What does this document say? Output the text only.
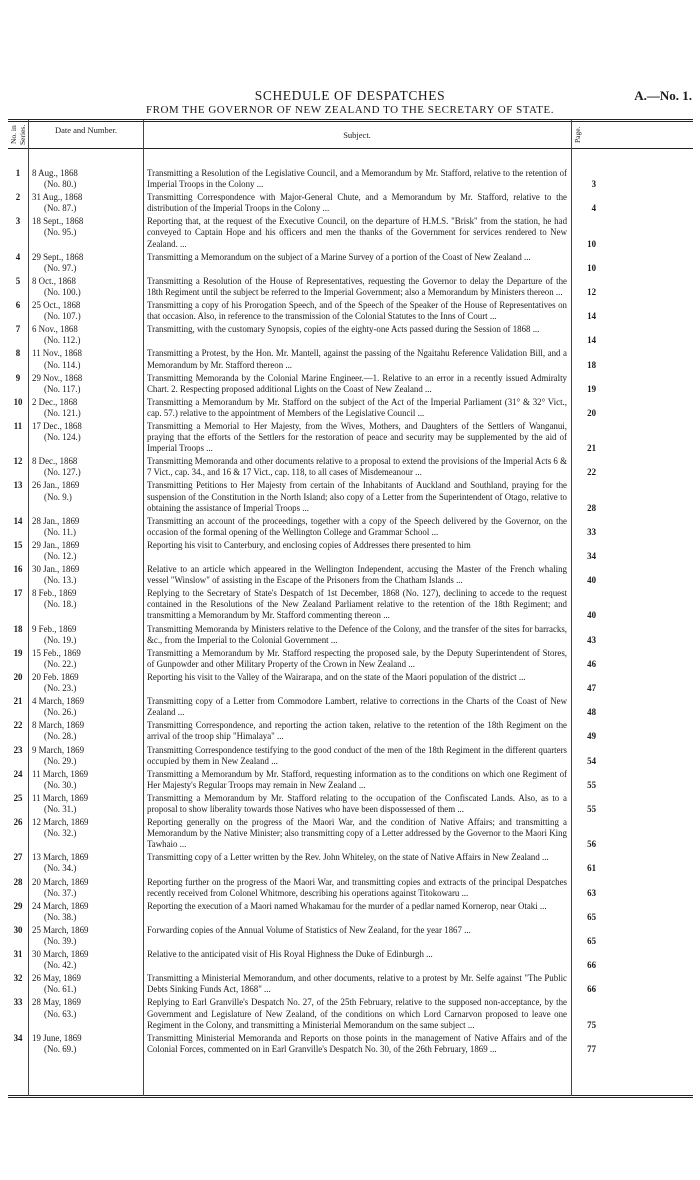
SCHEDULE OF DESPATCHES	A.—No. 1.
FROM THE GOVERNOR OF NEW ZEALAND TO THE SECRETARY OF STATE.
No. in Series.	Date and Number.	Subject.	Page.
1	8 Aug., 1868
(No. 80.)
Transmitting a Resolution of the Legislative Council, and a Memorandum by Mr. Stafford, relative to the retention of Imperial Troops in the Colony ...	3
2	31 Aug., 1868
(No. 87.)
Transmitting Correspondence with Major-General Chute, and a Memorandum by Mr. Stafford, relative to the distribution of the Imperial Troops in the Colony ...	4
3	18 Sept., 1868
(No. 95.)
Reporting that, at the request of the Executive Council, on the departure of H.M.S. "Brisk" from the station, he had conveyed to Captain Hope and his officers and men the thanks of the Government for services rendered to New Zealand. ...	10
4	29 Sept., 1868
(No. 97.)
Transmitting a Memorandum on the subject of a Marine Survey of a portion of the Coast of New Zealand ...
10
5	8 Oct., 1868
(No. 100.)
Transmitting a Resolution of the House of Representatives, requesting the Governor to delay the Departure of the 18th Regiment until the subject be referred to the Imperial Government; also a Memorandum by Ministers thereon ...	12
6	25 Oct., 1868
(No. 107.)
Transmitting a copy of his Prorogation Speech, and of the Speech of the Speaker of the House of Representatives on that occasion. Also, in reference to the transmission of the Colonial Statutes to the Inns of Court ...	14
7	6 Nov., 1868
(No. 112.)
Transmitting, with the customary Synopsis, copies of the eighty-one Acts passed during the Session of 1868 ...
14
8	11 Nov., 1868
(No. 114.)
Transmitting a Protest, by the Hon. Mr. Mantell, against the passing of the Ngaitahu Reference Validation Bill, and a Memorandum by Mr. Stafford thereon ...	18
9	29 Nov., 1868
(No. 117.)
Transmitting Memoranda by the Colonial Marine Engineer.—1. Relative to an error in a recently issued Admiralty Chart. 2. Respecting proposed additional Lights on the Coast of New Zealand ...	19
10	2 Dec., 1868
(No. 121.)
Transmitting a Memorandum by Mr. Stafford on the subject of the Act of the Imperial Parliament (31° & 32° Vict., cap. 57.) relative to the appointment of Members of the Legislative Council ...	20
11	17 Dec., 1868
(No. 124.)
Transmitting a Memorial to Her Majesty, from the Wives, Mothers, and Daughters of the Settlers of Wanganui, praying that the efforts of the Settlers for the restoration of peace and security may be supplemented by the aid of Imperial Troops ...	21
12	8 Dec., 1868
(No. 127.)
Transmitting Memoranda and other documents relative to a proposal to extend the provisions of the Imperial Acts 6 & 7 Vict., cap. 34., and 16 & 17 Vict., cap. 118, to all cases of Misdemeanour ...	22
13	26 Jan., 1869
(No. 9.)
Transmitting Petitions to Her Majesty from certain of the Inhabitants of Auckland and Southland, praying for the suspension of the Constitution in the North Island; also copy of a Letter from the Superintendent of Otago, relative to obtaining the assistance of Imperial Troops ...	28
14	28 Jan., 1869
(No. 11.)
Transmitting an account of the proceedings, together with a copy of the Speech delivered by the Governor, on the occasion of the formal opening of the Wellington College and Grammar School ...	33
15	29 Jan., 1869
(No. 12.)
Reporting his visit to Canterbury, and enclosing copies of Addresses there presented to him
34
16	30 Jan., 1869
(No. 13.)
Relative to an article which appeared in the Wellington Independent, accusing the Master of the French whaling vessel "Winslow" of assisting in the Escape of the Prisoners from the Chatham Islands ...	40
17	8 Feb., 1869
(No. 18.)
Replying to the Secretary of State's Despatch of 1st December, 1868 (No. 127), declining to accede to the request contained in the Resolutions of the New Zealand Parliament relative to the retention of the 18th Regiment; and transmitting a Memorandum by Mr. Stafford commenting thereon ...	40
18	9 Feb., 1869
(No. 19.)
Transmitting Memoranda by Ministers relative to the Defence of the Colony, and the transfer of the sites for barracks, &c., from the Imperial to the Colonial Government ...	43
19	15 Feb., 1869
(No. 22.)
Transmitting a Memorandum by Mr. Stafford respecting the proposed sale, by the Deputy Superintendent of Stores, of Gunpowder and other Military Property of the Crown in New Zealand ...	46
20	20 Feb. 1869
(No. 23.)
Reporting his visit to the Valley of the Wairarapa, and on the state of the Maori population of the district ...
47
21	4 March, 1869
(No. 26.)
Transmitting copy of a Letter from Commodore Lambert, relative to corrections in the Charts of the Coast of New Zealand ...	48
22	8 March, 1869
(No. 28.)
Transmitting Correspondence, and reporting the action taken, relative to the retention of the 18th Regiment on the arrival of the troop ship "Himalaya" ...	49
23	9 March, 1869
(No. 29.)
Transmitting Correspondence testifying to the good conduct of the men of the 18th Regiment in the different quarters occupied by them in New Zealand ...	54
24	11 March, 1869
(No. 30.)
Transmitting a Memorandum by Mr. Stafford, requesting information as to the conditions on which one Regiment of Her Majesty's Regular Troops may remain in New Zealand ...	55
25	11 March, 1869
(No. 31.)
Transmitting a Memorandum by Mr. Stafford relating to the occupation of the Confiscated Lands. Also, as to a proposal to show liberality towards those Natives who have been dispossessed of them ...	55
26	12 March, 1869
(No. 32.)
Reporting generally on the progress of the Maori War, and the condition of Native Affairs; and transmitting a Memorandum by the Native Minister; also transmitting copy of a Letter addressed by the Governor to the Maori King Tawhaio ...	56
27	13 March, 1869
(No. 34.)
Transmitting copy of a Letter written by the Rev. John Whiteley, on the state of Native Affairs in New Zealand ...
61
28	20 March, 1869
(No. 37.)
Reporting further on the progress of the Maori War, and transmitting copies and extracts of the principal Despatches recently received from Colonel Whitmore, describing his operations against Titokowaru ...	63
29	24 March, 1869
(No. 38.)
Reporting the execution of a Maori named Whakamau for the murder of a pedlar named Kornerop, near Otaki ...
65
30	25 March, 1869
(No. 39.)
Forwarding copies of the Annual Volume of Statistics of New Zealand, for the year 1867 ...
65
31	30 March, 1869
(No. 42.)
Relative to the anticipated visit of His Royal Highness the Duke of Edinburgh ...
66
32	26 May, 1869
(No. 61.)
Transmitting a Ministerial Memorandum, and other documents, relative to a protest by Mr. Selfe against "The Public Debts Sinking Funds Act, 1868" ...	66
33	28 May, 1869
(No. 63.)
Replying to Earl Granville's Despatch No. 27, of the 25th February, relative to the supposed non-acceptance, by the Government and Legislature of New Zealand, of the conditions on which Lord Carnarvon proposed to leave one Regiment in the Colony, and transmitting a Ministerial Memorandum on the same subject ...	75
34	19 June, 1869
(No. 69.)
Transmitting Ministerial Memoranda and Reports on those points in the management of Native Affairs and of the Colonial Forces, commented on in Earl Granville's Despatch No. 30, of the 26th February, 1869 ...	77
